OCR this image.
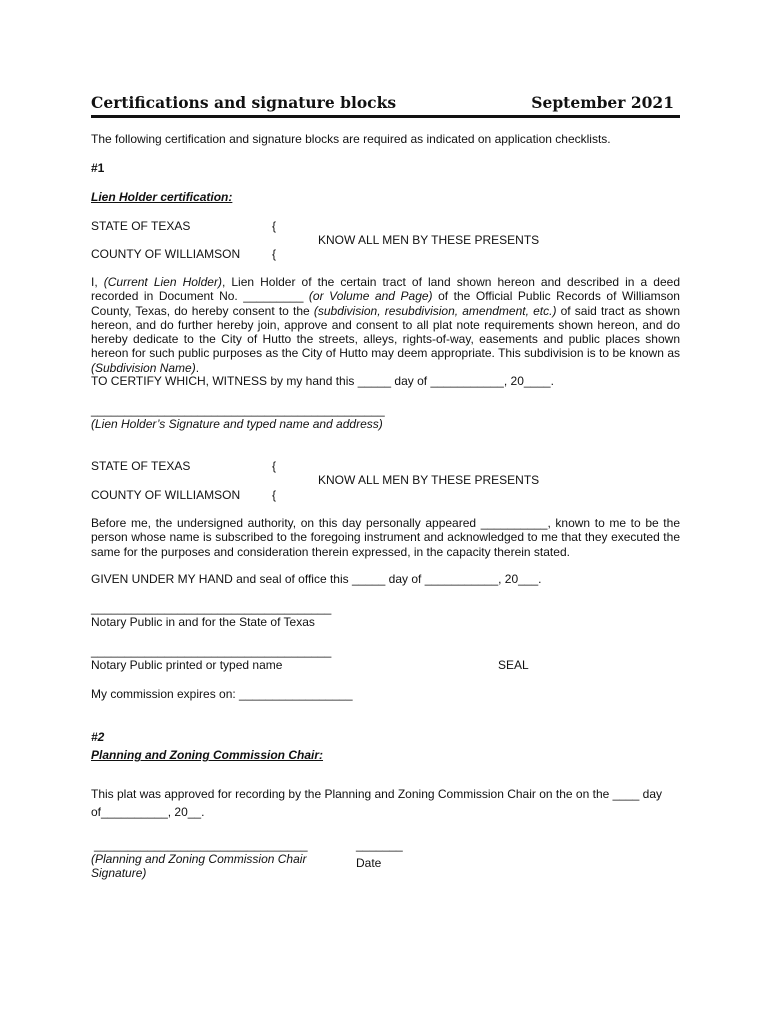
Certifications and signature blocks	September 2021
The following certification and signature blocks are required as indicated on application checklists.
#1
Lien Holder certification:
STATE OF TEXAS	{
KNOW ALL MEN BY THESE PRESENTS
COUNTY OF WILLIAMSON	{
I, (Current Lien Holder), Lien Holder of the certain tract of land shown hereon and described in a deed recorded in Document No. _________ (or Volume and Page) of the Official Public Records of Williamson County, Texas, do hereby consent to the (subdivision, resubdivision, amendment, etc.) of said tract as shown hereon, and do further hereby join, approve and consent to all plat note requirements shown hereon, and do hereby dedicate to the City of Hutto the streets, alleys, rights-of-way, easements and public places shown hereon for such public purposes as the City of Hutto may deem appropriate. This subdivision is to be known as (Subdivision Name).
TO CERTIFY WHICH, WITNESS by my hand this _____ day of ___________, 20____.
____________________________________________
(Lien Holder’s Signature and typed name and address)
STATE OF TEXAS	{
KNOW ALL MEN BY THESE PRESENTS
COUNTY OF WILLIAMSON	{
Before me, the undersigned authority, on this day personally appeared __________, known to me to be the person whose name is subscribed to the foregoing instrument and acknowledged to me that they executed the same for the purposes and consideration therein expressed, in the capacity therein stated.
GIVEN UNDER MY HAND and seal of office this _____ day of ___________, 20___.
____________________________________
Notary Public in and for the State of Texas
____________________________________
Notary Public printed or typed name	SEAL
My commission expires on: _________________
#2
Planning and Zoning Commission Chair:
This plat was approved for recording by the Planning and Zoning Commission Chair on the on the ____ day
of__________, 20__.
________________________________	_______
(Planning and Zoning Commission Chair Signature)
Date
